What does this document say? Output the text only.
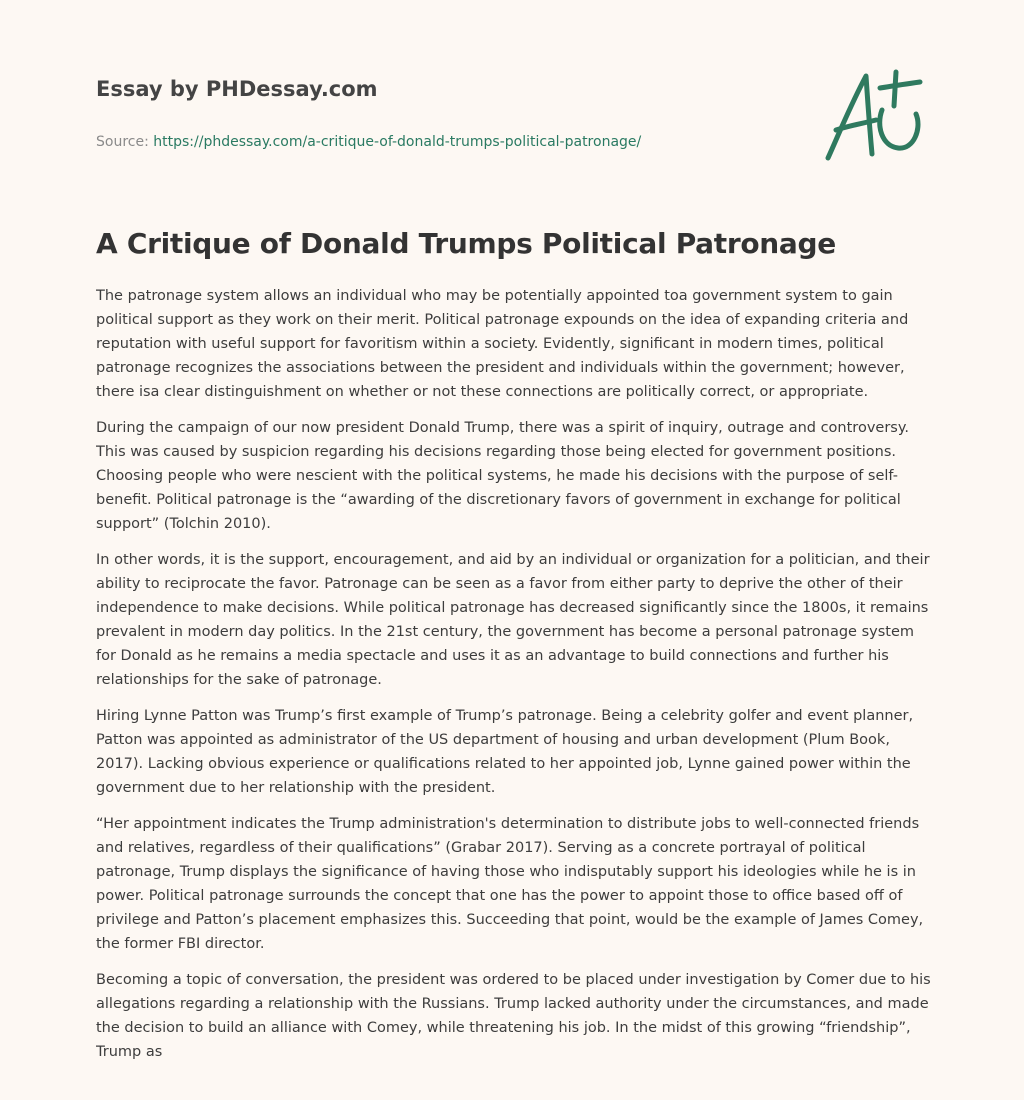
Essay by PHDessay.com
Source: https://phdessay.com/a-critique-of-donald-trumps-political-patronage/
A Critique of Donald Trumps Political Patronage

The patronage system allows an individual who may be potentially appointed toa government system to gain political support as they work on their merit. Political patronage expounds on the idea of expanding criteria and reputation with useful support for favoritism within a society. Evidently, significant in modern times, political patronage recognizes the associations between the president and individuals within the government; however, there isa clear distinguishment on whether or not these connections are politically correct, or appropriate.

During the campaign of our now president Donald Trump, there was a spirit of inquiry, outrage and controversy. This was caused by suspicion regarding his decisions regarding those being elected for government positions. Choosing people who were nescient with the political systems, he made his decisions with the purpose of self-benefit. Political patronage is the “awarding of the discretionary favors of government in exchange for political support” (Tolchin 2010).

In other words, it is the support, encouragement, and aid by an individual or organization for a politician, and their ability to reciprocate the favor. Patronage can be seen as a favor from either party to deprive the other of their independence to make decisions. While political patronage has decreased significantly since the 1800s, it remains prevalent in modern day politics. In the 21st century, the government has become a personal patronage system for Donald as he remains a media spectacle and uses it as an advantage to build connections and further his relationships for the sake of patronage.

Hiring Lynne Patton was Trump’s first example of Trump’s patronage. Being a celebrity golfer and event planner, Patton was appointed as administrator of the US department of housing and urban development (Plum Book, 2017). Lacking obvious experience or qualifications related to her appointed job, Lynne gained power within the government due to her relationship with the president.

“Her appointment indicates the Trump administration's determination to distribute jobs to well-connected friends and relatives, regardless of their qualifications” (Grabar 2017). Serving as a concrete portrayal of political patronage, Trump displays the significance of having those who indisputably support his ideologies while he is in power. Political patronage surrounds the concept that one has the power to appoint those to office based off of privilege and Patton’s placement emphasizes this. Succeeding that point, would be the example of James Comey, the former FBI director.

Becoming a topic of conversation, the president was ordered to be placed under investigation by Comer due to his allegations regarding a relationship with the Russians. Trump lacked authority under the circumstances, and made the decision to build an alliance with Comey, while threatening his job. In the midst of this growing “friendship”, Trump as
